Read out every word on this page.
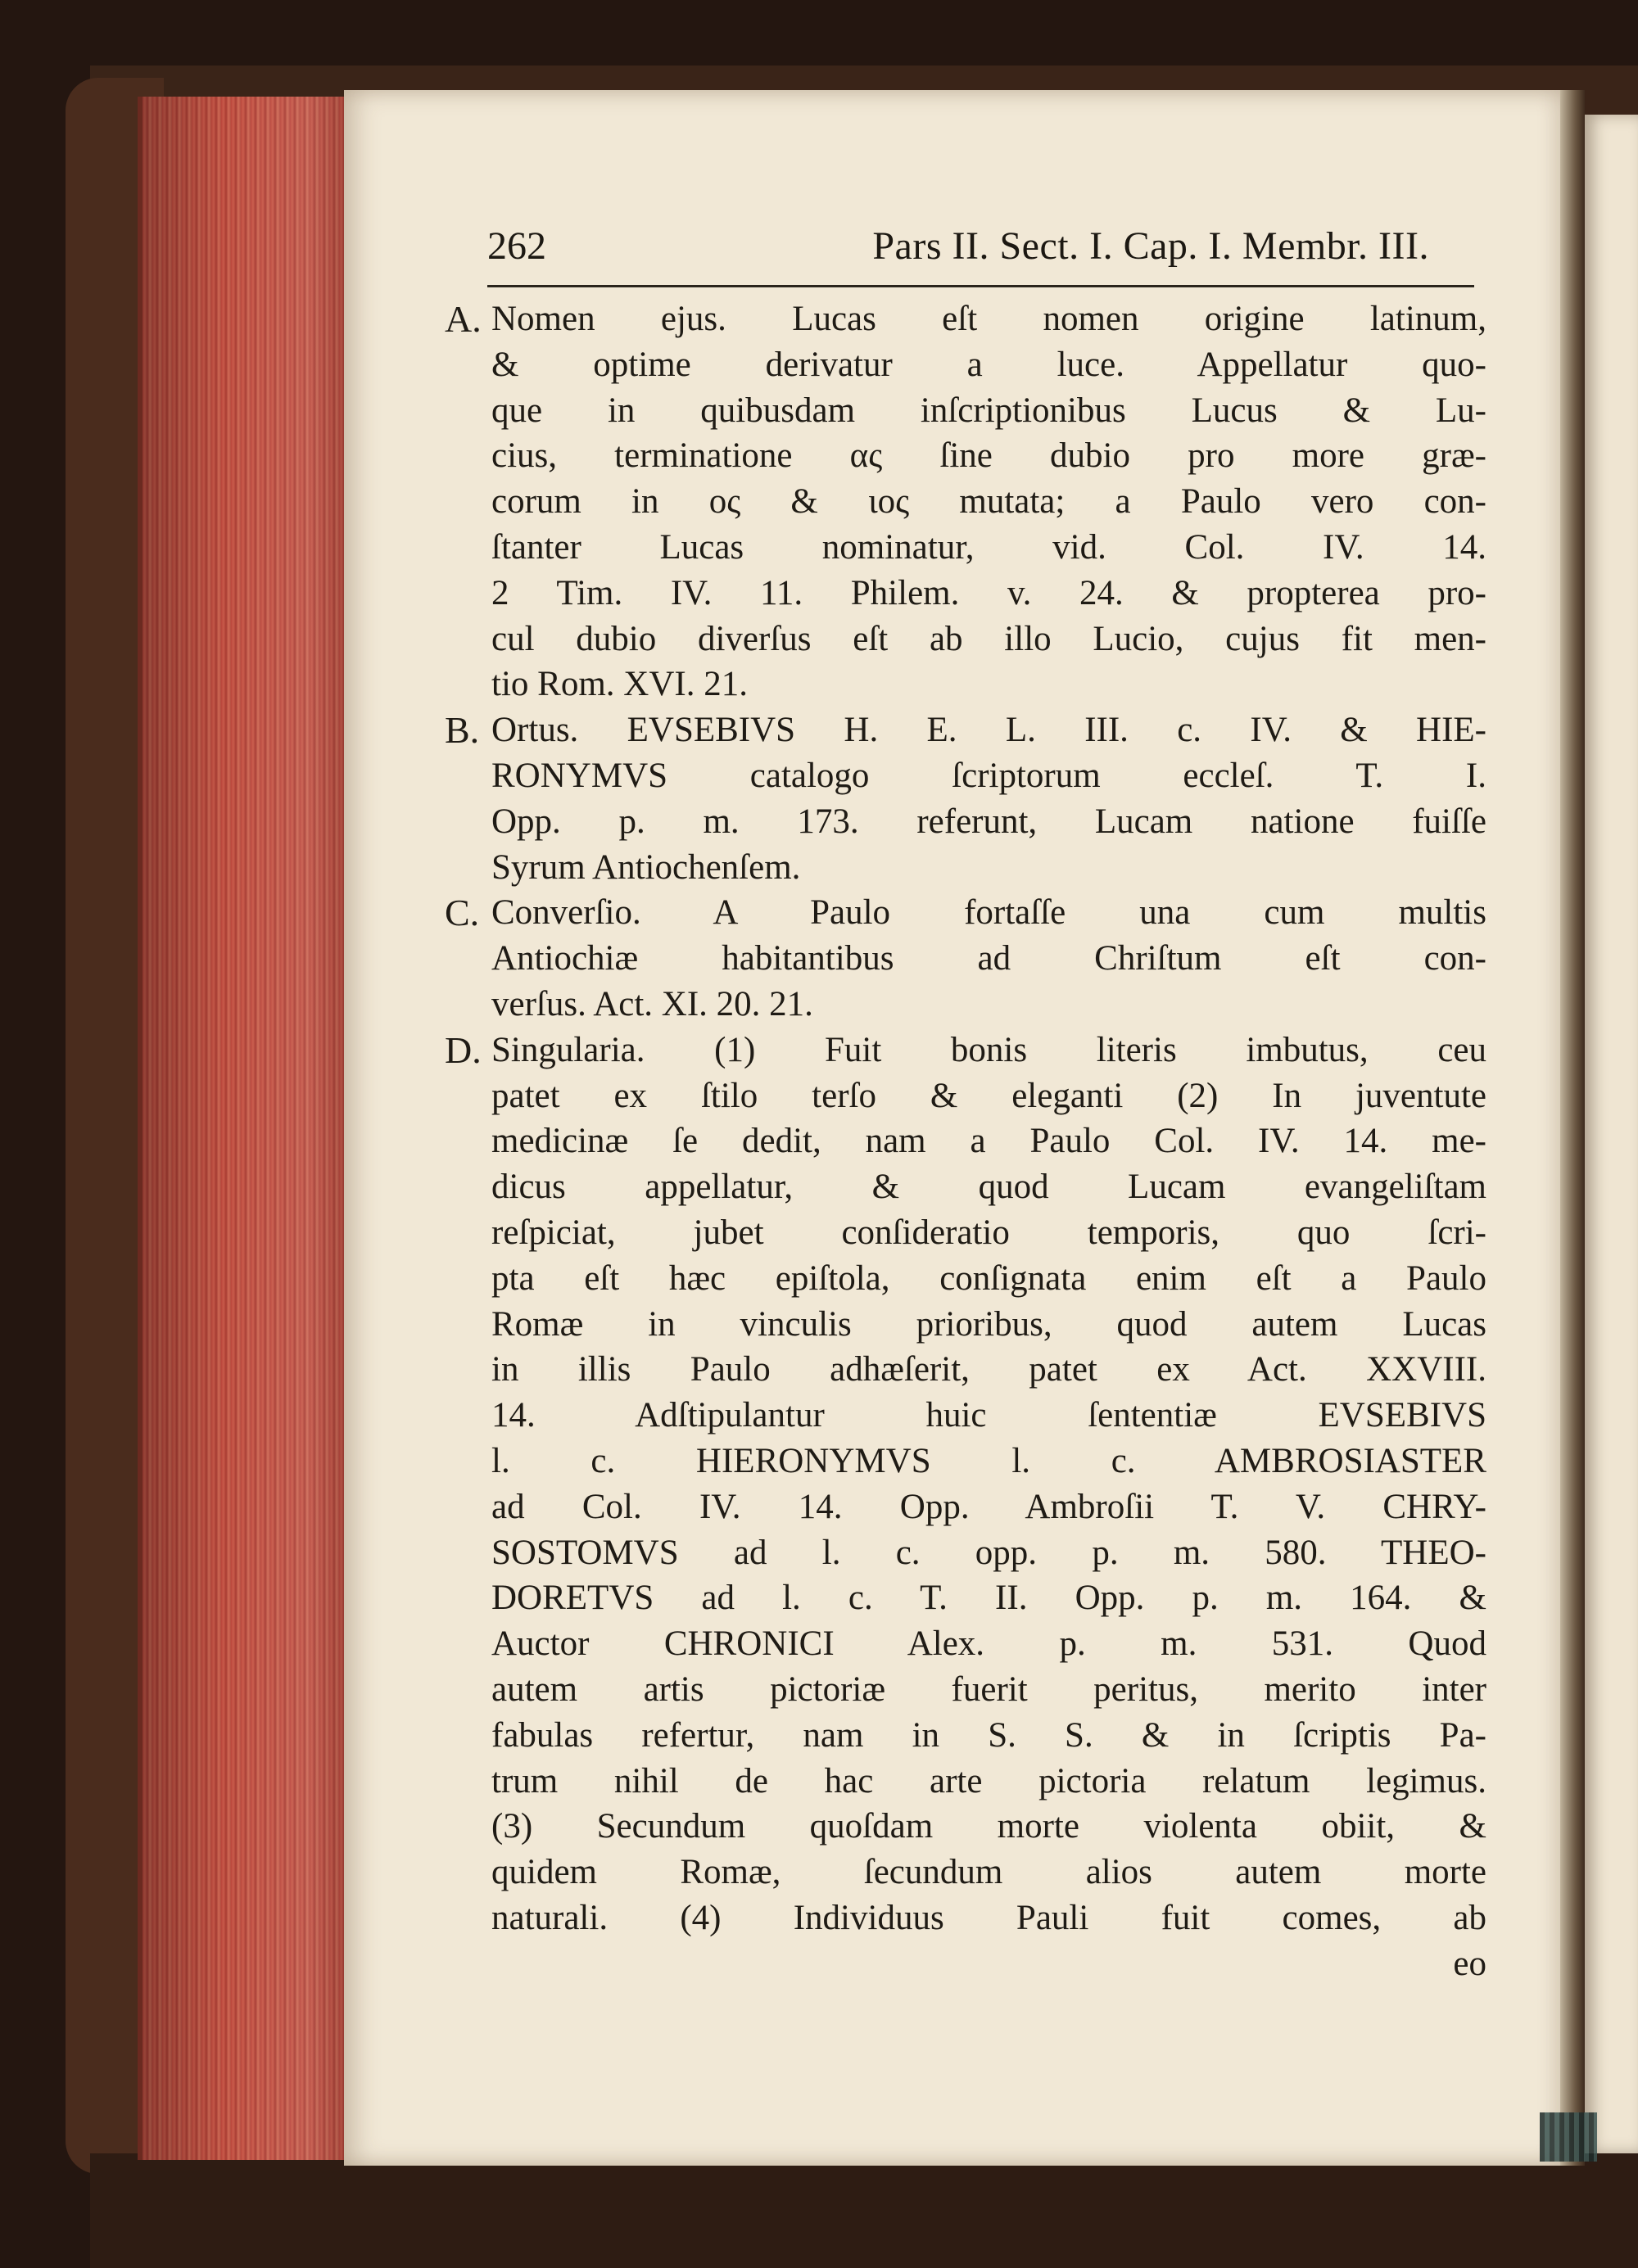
262	Pars II. Sect. I. Cap. I. Membr. III.
A. Nomen ejus. Lucas eſt nomen origine latinum,
& optime derivatur a luce. Appellatur quo-
que in quibusdam inſcriptionibus Lucus & Lu-
cius, terminatione ας ſine dubio pro more græ-
corum in ος & ιος mutata; a Paulo vero con-
ſtanter Lucas nominatur, vid. Col. IV. 14.
2 Tim. IV. 11. Philem. v. 24. & propterea pro-
cul dubio diverſus eſt ab illo Lucio, cujus fit men-
tio Rom. XVI. 21.
B. Ortus. EVSEBIVS H. E. L. III. c. IV. & HIE-
RONYMVS catalogo ſcriptorum eccleſ. T. I.
Opp. p. m. 173. referunt, Lucam natione fuiſſe
Syrum Antiochenſem.
C. Converſio. A Paulo fortaſſe una cum multis
Antiochiæ habitantibus ad Chriſtum eſt con-
verſus. Act. XI. 20. 21.
D. Singularia. (1) Fuit bonis literis imbutus, ceu
patet ex ſtilo terſo & eleganti (2) In juventute
medicinæ ſe dedit, nam a Paulo Col. IV. 14. me-
dicus appellatur, & quod Lucam evangeliſtam
reſpiciat, jubet conſideratio temporis, quo ſcri-
pta eſt hæc epiſtola, conſignata enim eſt a Paulo
Romæ in vinculis prioribus, quod autem Lucas
in illis Paulo adhæſerit, patet ex Act. XXVIII.
14. Adſtipulantur huic ſententiæ EVSEBIVS
l. c. HIERONYMVS l. c. AMBROSIASTER
ad Col. IV. 14. Opp. Ambroſii T. V. CHRY-
SOSTOMVS ad l. c. opp. p. m. 580. THEO-
DORETVS ad l. c. T. II. Opp. p. m. 164. &
Auctor CHRONICI Alex. p. m. 531. Quod
autem artis pictoriæ fuerit peritus, merito inter
fabulas refertur, nam in S. S. & in ſcriptis Pa-
trum nihil de hac arte pictoria relatum legimus.
(3) Secundum quoſdam morte violenta obiit, &
quidem Romæ, ſecundum alios autem morte
naturali. (4) Individuus Pauli fuit comes, ab
eo
